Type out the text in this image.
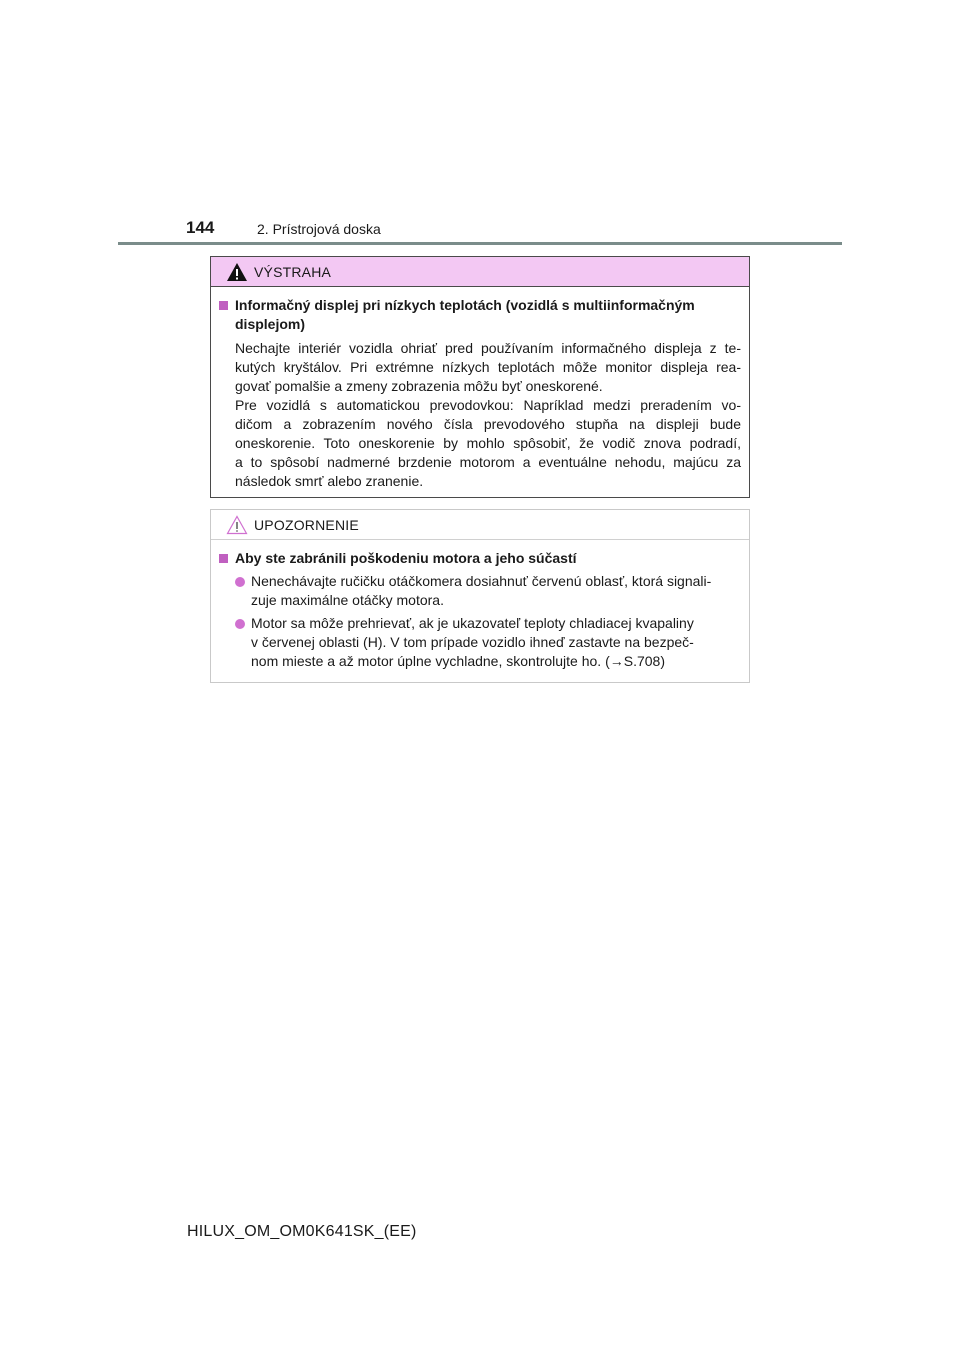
144	2. Prístrojová doska
VÝSTRAHA
Informačný displej pri nízkych teplotách (vozidlá s multiinformačným
displejom)
Nechajte interiér vozidla ohriať pred používaním informačného displeja z te-
kutých kryštálov. Pri extrémne nízkych teplotách môže monitor displeja rea-
govať pomalšie a zmeny zobrazenia môžu byť oneskorené.
Pre vozidlá s automatickou prevodovkou: Napríklad medzi preradením vo-
dičom a zobrazením nového čísla prevodového stupňa na displeji bude
oneskorenie. Toto oneskorenie by mohlo spôsobiť, že vodič znova podradí,
a to spôsobí nadmerné brzdenie motorom a eventuálne nehodu, majúcu za
následok smrť alebo zranenie.
UPOZORNENIE
Aby ste zabránili poškodeniu motora a jeho súčastí
Nenechávajte ručičku otáčkomera dosiahnuť červenú oblasť, ktorá signali-
zuje maximálne otáčky motora.
Motor sa môže prehrievať, ak je ukazovateľ teploty chladiacej kvapaliny
v červenej oblasti (H). V tom prípade vozidlo ihneď zastavte na bezpeč-
nom mieste a až motor úplne vychladne, skontrolujte ho. (→S.708)
HILUX_OM_OM0K641SK_(EE)
